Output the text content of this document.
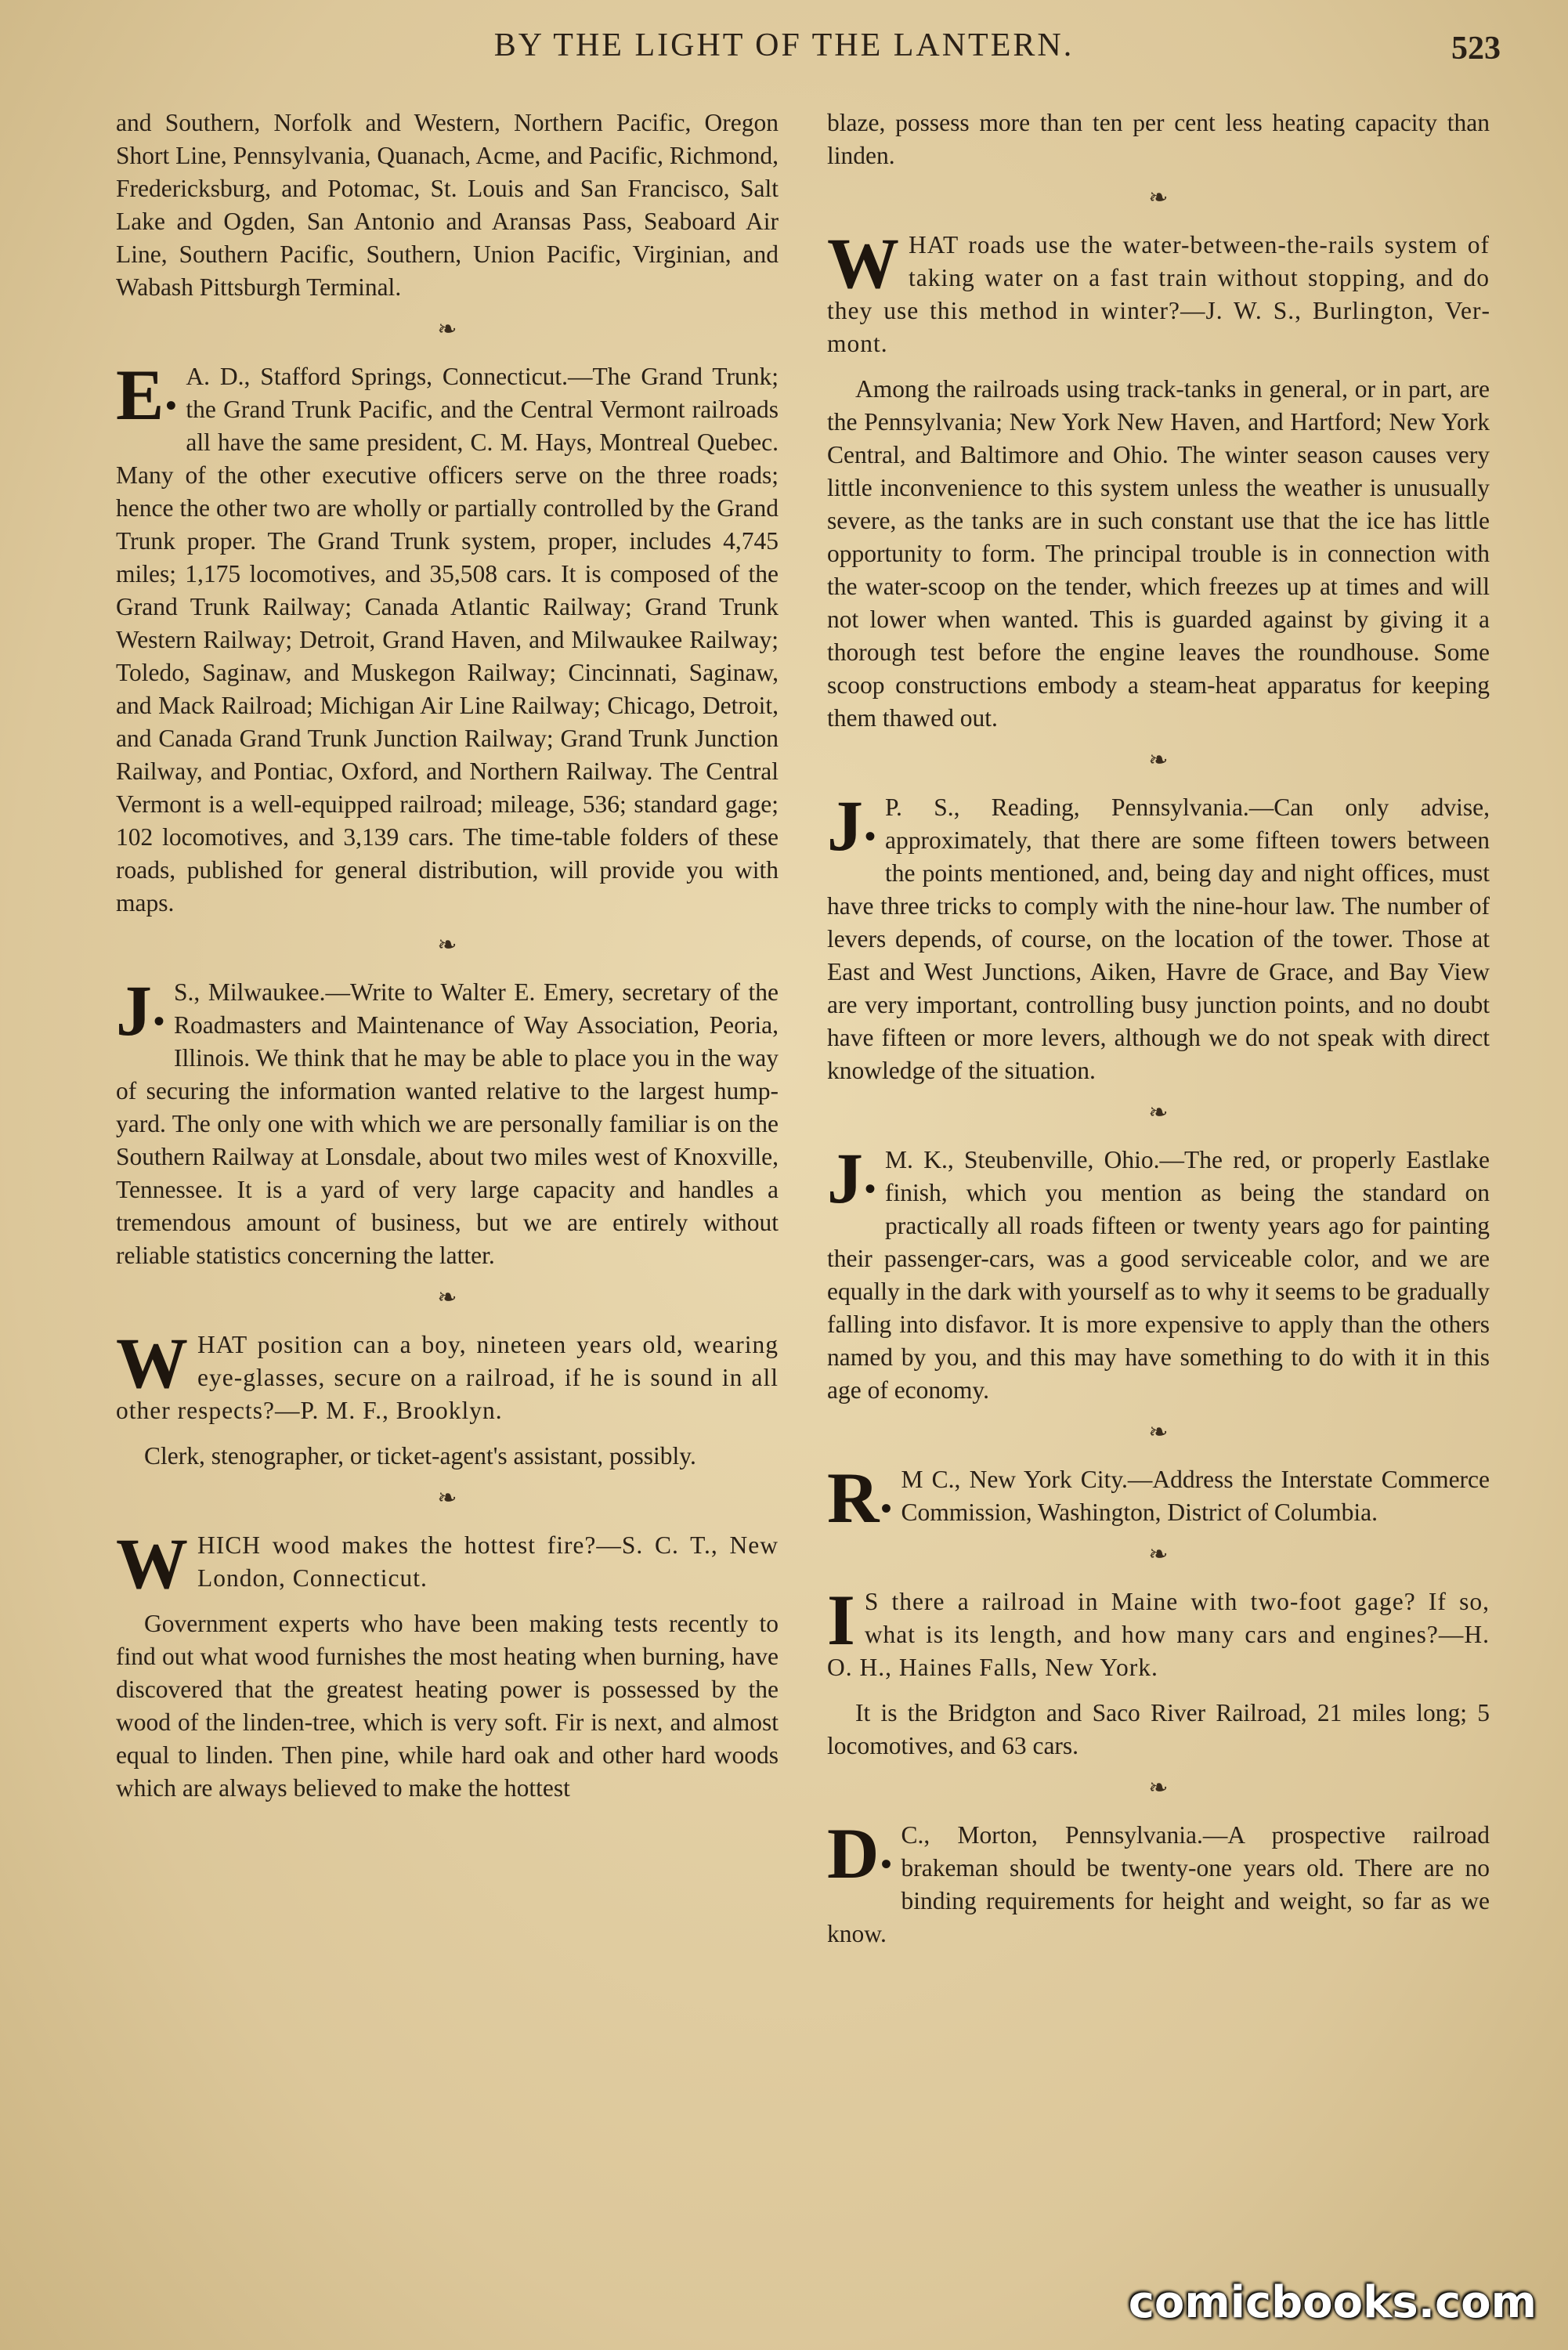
BY THE LIGHT OF THE LANTERN.	523

and Southern, Norfolk and Western, Northern Pacific, Oregon Short Line, Pennsylvania, Quanach, Acme, and Pacific, Richmond, Fredericksburg, and Potomac, St. Louis and San Francisco, Salt Lake and Ogden, San Antonio and Aransas Pass, Seaboard Air Line, Southern Pacific, Southern, Union Pacific, Virginian, and Wabash Pittsburgh Terminal.

❧

E•
A. D., Stafford Springs, Connecticut.—The Grand Trunk; the Grand Trunk Pacific, and the Central Vermont railroads all have the same president, C. M. Hays, Montreal Quebec. Many of the other executive officers serve on the three roads; hence the other two are wholly or partially controlled by the Grand Trunk proper. The Grand Trunk system, proper, includes 4,745 miles; 1,175 locomotives, and 35,508 cars. It is composed of the Grand Trunk Railway; Canada Atlantic Railway; Grand Trunk Western Railway; Detroit, Grand Haven, and Milwaukee Railway; Toledo, Saginaw, and Muskegon Railway; Cincinnati, Saginaw, and Mack Railroad; Michigan Air Line Railway; Chicago, Detroit, and Canada Grand Trunk Junction Railway; Grand Trunk Junction Railway, and Pontiac, Oxford, and Northern Railway. The Central Vermont is a well-equipped railroad; mileage, 536; standard gage; 102 locomotives, and 3,139 cars. The time-table folders of these roads, published for general distribution, will provide you with maps.

❧

J•
S., Milwaukee.—Write to Walter E. Emery, secretary of the Roadmasters and Maintenance of Way Association, Peoria, Illinois. We think that he may be able to place you in the way of securing the information wanted relative to the largest hump-yard. The only one with which we are personally familiar is on the Southern Railway at Lonsdale, about two miles west of Knoxville, Tennessee. It is a yard of very large capacity and handles a tremendous amount of business, but we are entirely without reliable statistics concerning the latter.

❧

W HAT position can a boy, nineteen years old, wearing eye-glasses, secure on a railroad, if he is sound in all other respects?—P. M. F., Brooklyn.

Clerk, stenographer, or ticket-agent's assistant, possibly.

❧

W HICH wood makes the hottest fire?—S. C. T., New London, Connecticut.

Government experts who have been making tests recently to find out what wood furnishes the most heating when burning, have discovered that the greatest heating power is possessed by the wood of the linden-tree, which is very soft. Fir is next, and almost equal to linden. Then pine, while hard oak and other hard woods which are always believed to make the hottest

blaze, possess more than ten per cent less heating capacity than linden.

❧

W HAT roads use the water-between-the-rails system of taking water on a fast train without stopping, and do they use this method in winter?—J. W. S., Burlington, Vermont.

Among the railroads using track-tanks in general, or in part, are the Pennsylvania; New York New Haven, and Hartford; New York Central, and Baltimore and Ohio. The winter season causes very little inconvenience to this system unless the weather is unusually severe, as the tanks are in such constant use that the ice has little opportunity to form. The principal trouble is in connection with the water-scoop on the tender, which freezes up at times and will not lower when wanted. This is guarded against by giving it a thorough test before the engine leaves the roundhouse. Some scoop constructions embody a steam-heat apparatus for keeping them thawed out.

❧

J•
P. S., Reading, Pennsylvania.—Can only advise, approximately, that there are some fifteen towers between the points mentioned, and, being day and night offices, must have three tricks to comply with the nine-hour law. The number of levers depends, of course, on the location of the tower. Those at East and West Junctions, Aiken, Havre de Grace, and Bay View are very important, controlling busy junction points, and no doubt have fifteen or more levers, although we do not speak with direct knowledge of the situation.

❧

J•
M. K., Steubenville, Ohio.—The red, or properly Eastlake finish, which you mention as being the standard on practically all roads fifteen or twenty years ago for painting their passenger-cars, was a good serviceable color, and we are equally in the dark with yourself as to why it seems to be gradually falling into disfavor. It is more expensive to apply than the others named by you, and this may have something to do with it in this age of economy.

❧

R•
M C., New York City.—Address the Interstate Commerce Commission, Washington, District of Columbia.

❧

I S there a railroad in Maine with two-foot gage? If so, what is its length, and how many cars and engines?—H. O. H., Haines Falls, New York.

It is the Bridgton and Saco River Railroad, 21 miles long; 5 locomotives, and 63 cars.

❧

D•
C., Morton, Pennsylvania.—A prospective railroad brakeman should be twenty-one years old. There are no binding requirements for height and weight, so far as we know.

comicbooks.com
